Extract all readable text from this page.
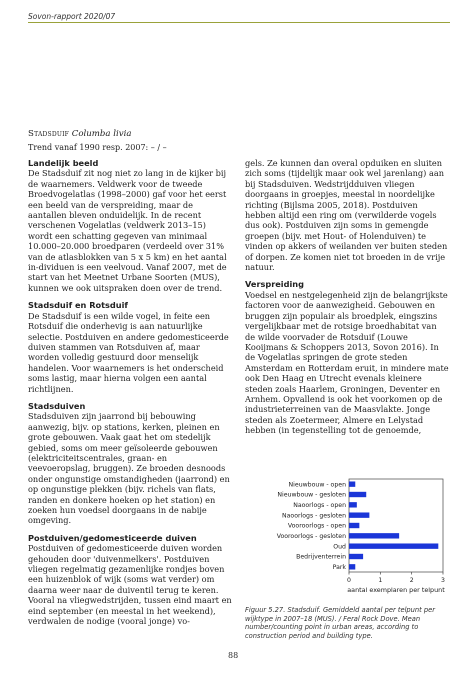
Sovon-rapport 2020/07
Stadsduif Columba livia
Trend vanaf 1990 resp. 2007: – / –
Landelijk beeld

De Stadsduif zit nog niet zo lang in de kijker bij de waarnemers. Veldwerk voor de tweede Broedvogelatlas (1998–2000) gaf voor het eerst een beeld van de verspreiding, maar de aantallen bleven onduidelijk. In de recent verschenen Vogelatlas (veldwerk 2013–15) wordt een schatting gegeven van minimaal 10.000–20.000 broedparen (verdeeld over 31% van de atlasblokken van 5 x 5 km) en het aantal in-dividuen is een veelvoud. Vanaf 2007, met de start van het Meetnet Urbane Soorten (MUS), kunnen we ook uitspraken doen over de trend.

Stadsduif en Rotsduif

De Stadsduif is een wilde vogel, in feite een Rotsduif die onderhevig is aan natuurlijke selectie. Postduiven en andere gedomesticeerde duiven stammen van Rotsduiven af, maar worden volledig gestuurd door menselijk handelen. Voor waarnemers is het onderscheid soms lastig, maar hierna volgen een aantal richtlijnen.

Stadsduiven

Stadsduiven zijn jaarrond bij bebouwing aanwezig, bijv. op stations, kerken, pleinen en grote gebouwen. Vaak gaat het om stedelijk gebied, soms om meer geïsoleerde gebouwen (elektriciteitscentrales, graan- en veevoeropslag, bruggen). Ze broeden desnoods onder ongunstige omstandigheden (jaarrond) en op ongunstige plekken (bijv. richels van flats, randen en donkere hoeken op het station) en zoeken hun voedsel doorgaans in de nabije omgeving.

Postduiven/gedomesticeerde duiven

Postduiven of gedomesticeerde duiven worden gehouden door 'duivenmelkers'. Postduiven vliegen regelmatig gezamenlijke rondjes boven een huizenblok of wijk (soms wat verder) om daarna weer naar de duiventil terug te keren. Vooral na vliegwedstrijden, tussen eind maart en eind september (en meestal in het weekend), verdwalen de nodige (vooral jonge) vo-

gels. Ze kunnen dan overal opduiken en sluiten zich soms (tijdelijk maar ook wel jarenlang) aan bij Stadsduiven. Wedstrijdduiven vliegen doorgaans in groepjes, meestal in noordelijke richting (Bijlsma 2005, 2018). Postduiven hebben altijd een ring om (verwilderde vogels dus ook). Postduiven zijn soms in gemengde groepen (bijv. met Hout- of Holenduiven) te vinden op akkers of weilanden ver buiten steden of dorpen. Ze komen niet tot broeden in de vrije natuur.

Verspreiding

Voedsel en nestgelegenheid zijn de belangrijkste factoren voor de aanwezigheid. Gebouwen en bruggen zijn populair als broedplek, eingszins vergelijkbaar met de rotsige broedhabitat van de wilde voorvader de Rotsduif (Louwe Kooijmans & Schoppers 2013, Sovon 2016). In de Vogelatlas springen de grote steden Amsterdam en Rotterdam eruit, in mindere mate ook Den Haag en Utrecht evenals kleinere steden zoals Haarlem, Groningen, Deventer en Arnhem. Opvallend is ook het voorkomen op de industrieterreinen van de Maasvlakte. Jonge steden als Zoetermeer, Almere en Lelystad hebben (in tegenstelling tot de genoemde,

Nieuwbouw - open
Nieuwbouw - gesloten
Naoorlogs - open
Naoorlogs - gesloten
Vooroorlogs - open
Vooroorlogs - gesloten
Oud
Bedrijventerrein
Park
0	1	2	3
aantal exemplaren per telpunt
Figuur 5.27. Stadsduif. Gemiddeld aantal per telpunt per wijktype in 2007–18 (MUS). / Feral Rock Dove. Mean number/counting point in urban areas, according to construction period and building type.
88
